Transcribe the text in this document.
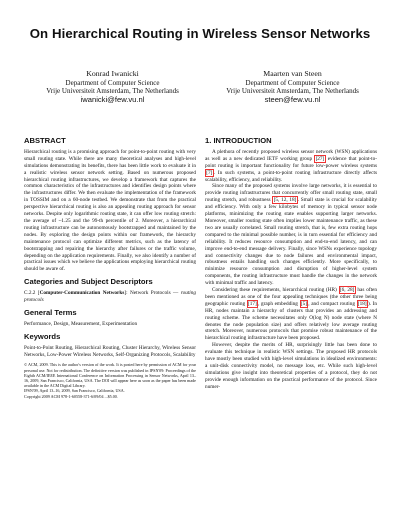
On Hierarchical Routing in Wireless Sensor Networks
Konrad Iwanicki
Department of Computer Science
Vrije Universiteit Amsterdam, The Netherlands
iwanicki@few.vu.nl
Maarten van Steen
Department of Computer Science
Vrije Universiteit Amsterdam, The Netherlands
steen@few.vu.nl
ABSTRACT

Hierarchical routing is a promising approach for point-to-point routing with very small routing state. While there are many theoretical analyses and high-level simulations demonstrating its benefits, there has been little work to evaluate it in a realistic wireless sensor network setting. Based on numerous proposed hierarchical routing infrastructures, we develop a framework that captures the common characteristics of the infrastructures and identifies design points where the infrastructures differ. We then evaluate the implementation of the framework in TOSSIM and on a 60-node testbed. We demonstrate that from the practical perspective hierarchical routing is also an appealing routing approach for sensor networks. Despite only logarithmic routing state, it can offer low routing stretch: the average of ~1.25 and the 99-th percentile of 2. Moreover, a hierarchical routing infrastructure can be autonomously bootstrapped and maintained by the nodes. By exploring the design points within our framework, the hierarchy maintenance protocol can optimize different metrics, such as the latency of bootstrapping and repairing the hierarchy after failures or the traffic volume, depending on the application requirements. Finally, we also identify a number of practical issues which we believe the applications employing hierarchical routing should be aware of.

Categories and Subject Descriptors

C.2.2 [Computer-Communication Networks]: Network Protocols — routing protocols

General Terms

Performance, Design, Measurement, Experimentation

Keywords

Point-to-Point Routing, Hierarchical Routing, Cluster Hierarchy, Wireless Sensor Networks, Low-Power Wireless Networks, Self-Organizing Protocols, Scalability

© ACM, 2009. This is the author's version of the work. It is posted here by permission of ACM for your personal use. Not for redistribution. The definitive version was published in IPSN'09: Proceedings of the Eighth ACM/IEEE International Conference on Information Processing in Sensor Networks, April 13–16, 2009, San Francisco, California, USA. The DOI will appear here as soon as the paper has been made available in the ACM Digital Library.

IPSN'09, April 13–16, 2009, San Francisco, California, USA.

Copyright 2009 ACM 978-1-60558-371-6/09/04 ...$5.00.

1. INTRODUCTION

A plethora of recently proposed wireless sensor network (WSN) applications as well as a new dedicated IETF working group [27] evidence that point-to-point routing is important functionality for future low-power wireless systems [7]. In such systems, a point-to-point routing infrastructure directly affects scalability, efficiency, and reliability.

Since many of the proposed systems involve large networks, it is essential to provide routing infrastructures that concurrently offer small routing state, small routing stretch, and robustness [5, 12, 18]. Small state is crucial for scalability and efficiency. With only a few kilobytes of memory in typical sensor node platforms, minimizing the routing state enables supporting larger networks. Moreover, smaller routing state often implies lower maintenance traffic, as these two are usually correlated. Small routing stretch, that is, few extra routing hops compared to the minimal possible number, is in turn essential for efficiency and reliability. It reduces resource consumption and end-to-end latency, and can improve end-to-end message delivery. Finally, since WSNs experience topology and connectivity changes due to node failures and environmental impact, robustness entails handling such changes efficiently. More specifically, to minimize resource consumption and disruption of higher-level system components, the routing infrastructure must handle the changes in the network with minimal traffic and latency.

Considering these requirements, hierarchical routing (HR) [6, 28] has often been mentioned as one of the four appealing techniques (the other three being geographic routing [17], graph embedding [5], and compact routing [18]). In HR, nodes maintain a hierarchy of clusters that provides an addressing and routing scheme. The scheme necessitates only O(log N) node state (where N denotes the node population size) and offers relatively low average routing stretch. Moreover, numerous protocols that promise robust maintenance of the hierarchical routing infrastructure have been proposed.

However, despite the merits of HR, surprisingly little has been done to evaluate this technique in realistic WSN settings. The proposed HR protocols have mostly been studied with high-level simulations in idealized environments: a unit-disk connectivity model, no message loss, etc. While such high-level simulations give insight into theoretical properties of a protocol, they do not provide enough information on the practical performance of the protocol. Since numer-
